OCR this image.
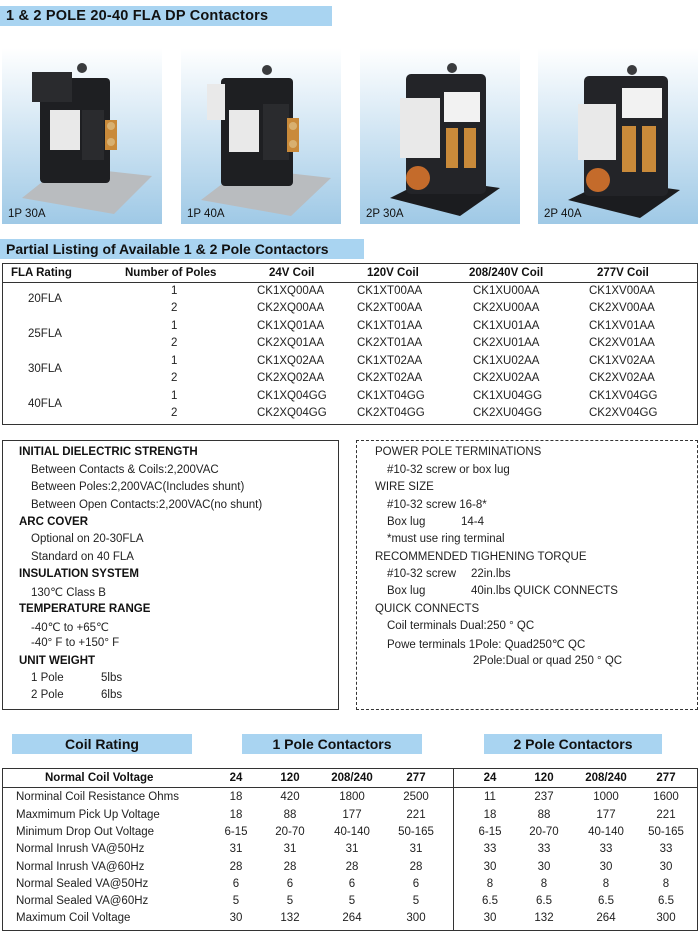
1 & 2 POLE 20-40 FLA DP Contactors
1P 30A	1P 40A	2P 30A	2P 40A
Partial Listing of Available 1 & 2 Pole Contactors
FLA Rating	Number of Poles	24V Coil	120V Coil	208/240V Coil	277V Coil
20FLA
1	CK1XQ00AA	CK1XT00AA	CK1XU00AA	CK1XV00AA
2	CK2XQ00AA	CK2XT00AA	CK2XU00AA	CK2XV00AA
25FLA
1	CK1XQ01AA	CK1XT01AA	CK1XU01AA	CK1XV01AA
2	CK2XQ01AA	CK2XT01AA	CK2XU01AA	CK2XV01AA
30FLA
1	CK1XQ02AA	CK1XT02AA	CK1XU02AA	CK1XV02AA
2	CK2XQ02AA	CK2XT02AA	CK2XU02AA	CK2XV02AA
40FLA
1	CK1XQ04GG	CK1XT04GG	CK1XU04GG	CK1XV04GG
2	CK2XQ04GG	CK2XT04GG	CK2XU04GG	CK2XV04GG
INITIAL DIELECTRIC STRENGTH
Between Contacts & Coils:2,200VAC
Between Poles:2,200VAC(Includes shunt)
Between Open Contacts:2,200VAC(no shunt)
ARC COVER
Optional on 20-30FLA
Standard on 40 FLA
INSULATION SYSTEM
130℃ Class B
TEMPERATURE RANGE
-40℃ to +65℃
-40° F to +150° F
UNIT WEIGHT
1 Pole	5lbs
2 Pole	6lbs
POWER POLE TERMINATIONS
#10-32 screw or box lug
WIRE SIZE
#10-32 screw 16-8*
Box lug	14-4
*must use ring terminal
RECOMMENDED TIGHENING TORQUE
#10-32 screw 22in.lbs
Box lug	40in.lbs QUICK CONNECTS
QUICK CONNECTS
Coil terminals Dual:250 ° QC
Powe terminals 1Pole: Quad250℃ QC
2Pole:Dual or quad 250 ° QC
Coil Rating	1 Pole Contactors	2 Pole Contactors
Normal Coil Voltage	24	120	208/240	277	24	120	208/240	277
Norminal Coil Resistance Ohms	18	420	1800	2500	11	237	1000	1600
Maxmimum Pick Up Voltage	18	88	177	221	18	88	177	221
Minimum Drop Out Voltage	6-15	20-70	40-140	50-165	6-15	20-70	40-140	50-165
Normal Inrush VA@50Hz	31	31	31	31	33	33	33	33
Normal Inrush VA@60Hz	28	28	28	28	30	30	30	30
Normal Sealed VA@50Hz	6	6	6	6	8	8	8	8
Normal Sealed VA@60Hz	5	5	5	5	6.5	6.5	6.5	6.5
Maximum Coil Voltage	30	132	264	300	30	132	264	300
